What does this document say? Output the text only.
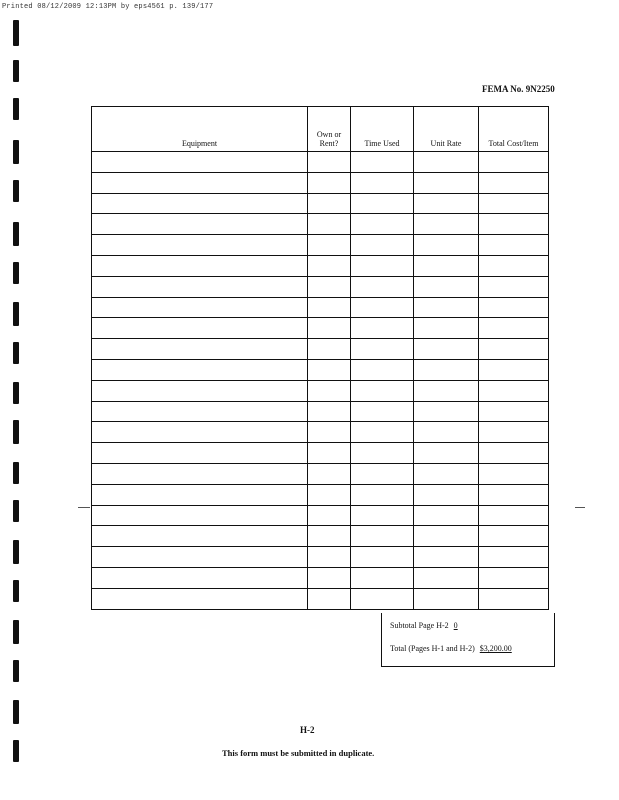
Printed 08/12/2009 12:13PM by eps4561 p. 139/177
FEMA No. 9N2250
Equipment	Own or Rent?	Time Used	Unit Rate	Total Cost/Item

Subtotal Page H-2 0
Total (Pages H-1 and H-2) $3,200.00
H-2
This form must be submitted in duplicate.
